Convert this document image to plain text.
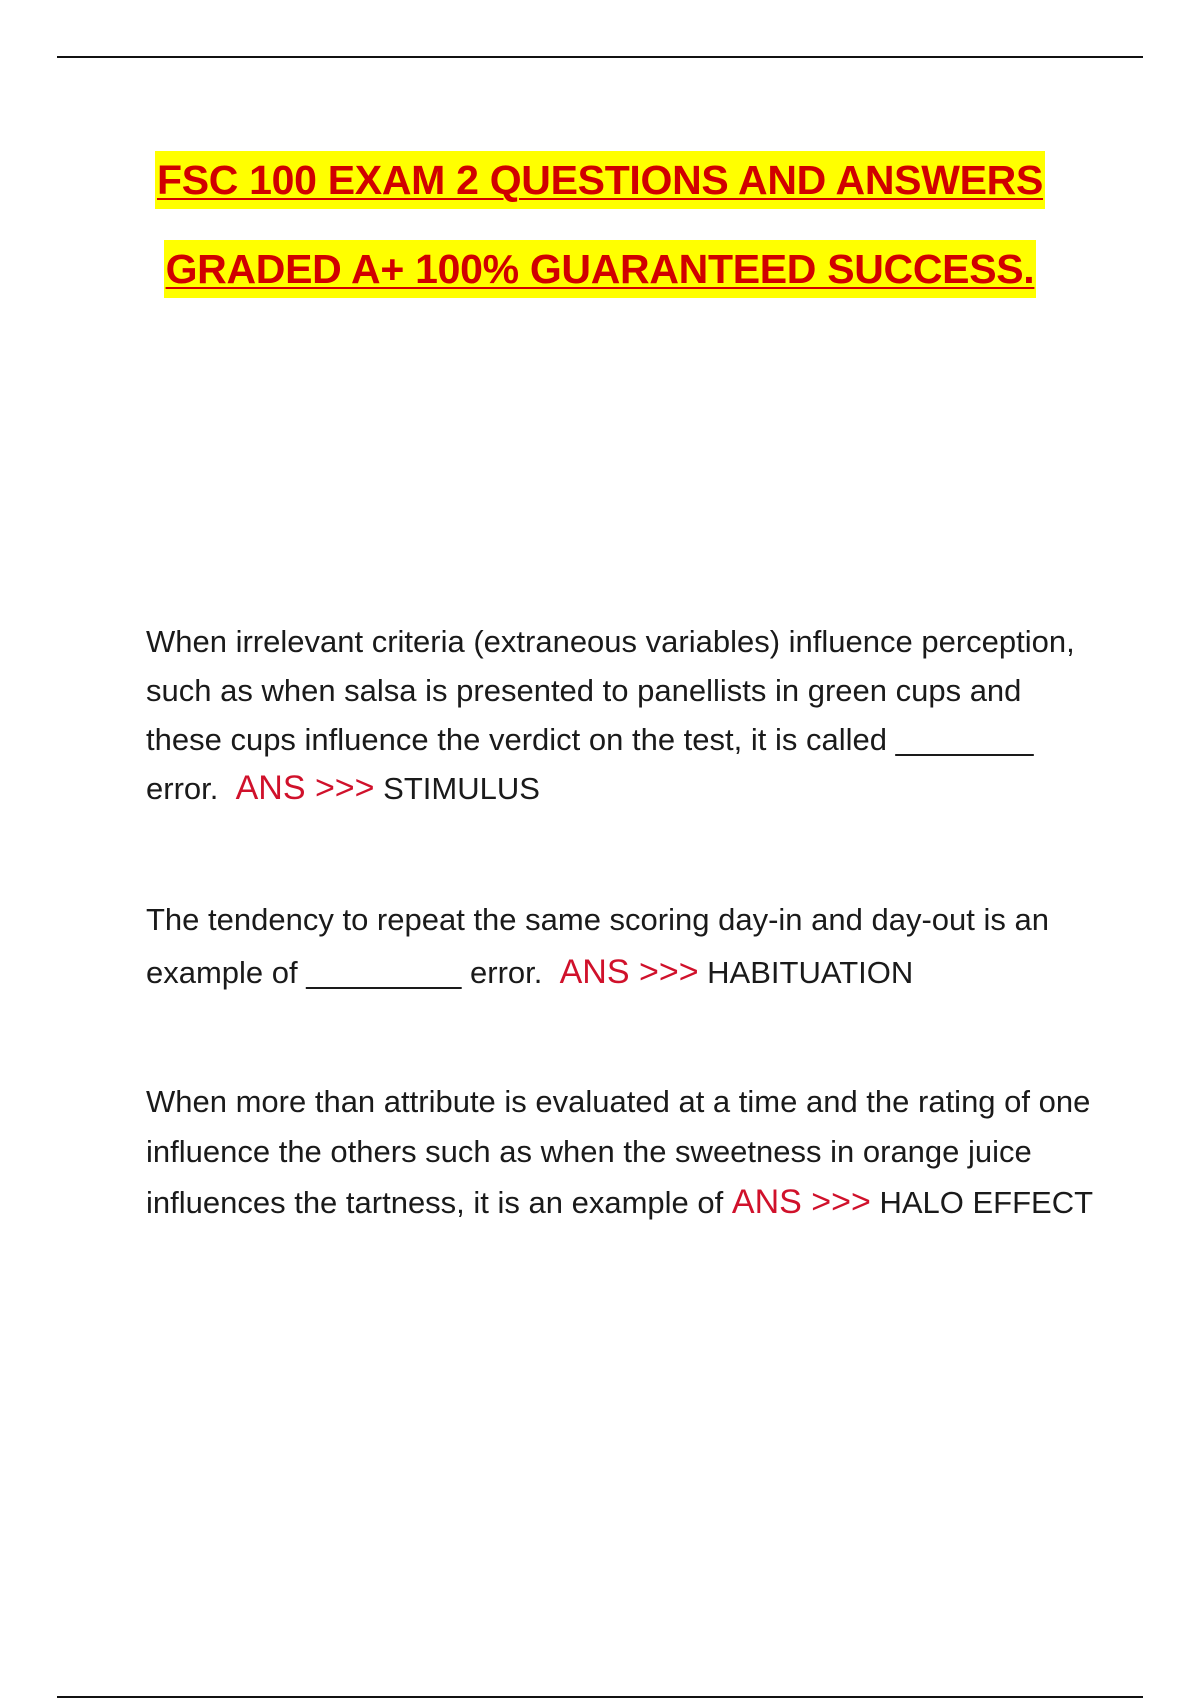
FSC 100 EXAM 2 QUESTIONS AND ANSWERS
GRADED A+ 100% GUARANTEED SUCCESS.
When irrelevant criteria (extraneous variables) influence perception, such as when salsa is presented to panellists in green cups and these cups influence the verdict on the test, it is called ________ error. ANS >>> STIMULUS
The tendency to repeat the same scoring day-in and day-out is an example of _________ error. ANS >>> HABITUATION
When more than attribute is evaluated at a time and the rating of one influence the others such as when the sweetness in orange juice influences the tartness, it is an example of ANS >>> HALO EFFECT
